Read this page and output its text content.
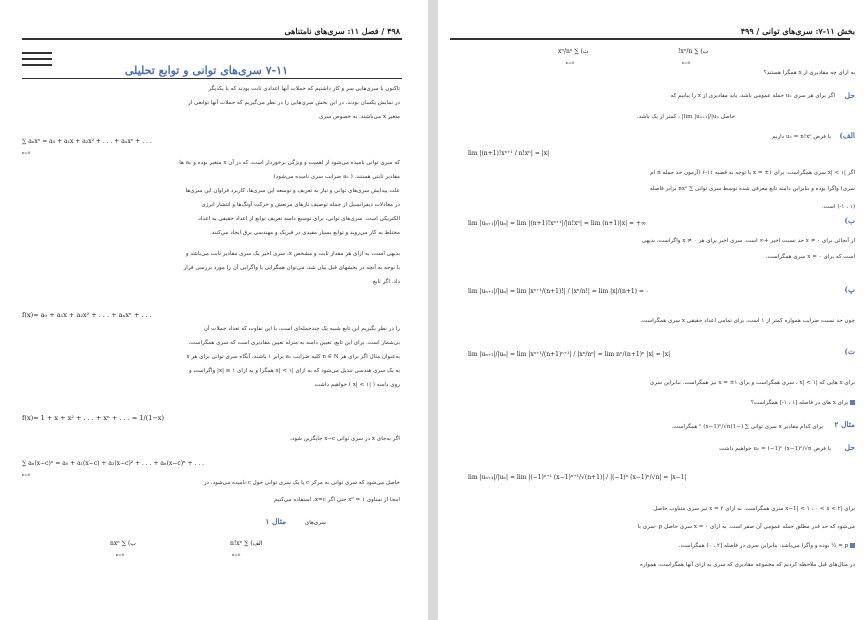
۴۹۸ / فصل ۱۱: سری‌های نامتناهی
۷-۱۱ سری‌های توانی و توابع تحلیلی
تاکنون با سری‌هایی سر و کار داشتیم که جملات آنها اعدادی ثابت بودند که با یکدیگر
در نمایش یکسان بودند. در این بخش سری‌هایی را در نظر می‌گیریم که جملات آنها توابعی از
متغیر x می‌باشند. به خصوص سری
∑ aₙxⁿ = a₀ + a₁x + a₂x² + . . . + aₙxⁿ + . . .
n=0
که سری توانی نامیده می‌شود از اهمیت و ویژگی برخوردار است، که در آن x متغیر بوده و aₙ ها
مقادیر ثابتی هستند. ( aₙ ضرایب سری نامیده می‌شود)
علت پیدایش سری‌های توانی و نیاز به تعریف و توسعه این سری‌ها، کاربرد فراوان این سری‌ها
در معادلات دیفرانسیل از جمله توصیف تارهای مرتعش و حرکت آونگ‌ها و انتشار انرژی
الکتریکی است. سری‌های توانی، برای توسیع دامنه تعریف توابع از اعداد حقیقی به اعداد
مختلط به کار می‌روند و توابع بسیار مفیدی در فیزیک و مهندسی برق ایجاد می‌کنند.
بدیهی است، به ازای هر مقدار ثابت و مشخص x، سری اخیر یک سری مقادیر ثابت می‌باشد و
با توجه به آنچه در بخشهای قبل بیان شد، می‌توان همگرایی یا واگرایی آن را مورد بررسی قرار
داد. اگر تابع
f(x)= a₀ + a₁x + a₂x² + . . . + aₙxⁿ + . . .
را در نظر بگیریم این تابع شبیه یک چندجمله‌ای است، با این تفاوت که تعداد جملات آن
بی‌شمار است. برای این تابع، تعیین دامنه به منزله تعیین مقادیری است که سری همگراست.
به‌عنوان مثال اگر برای هر n ∈ N کلیه ضرایب aₙ برابر ۱ باشند، آنگاه سری توانی برای هر x
به یک سری هندسی تبدیل می‌شود که به ازای |x| < ۱ همگرا و به ازای ۱ ≤ |x| واگراست و
روی دامنه ( |x| < ۱ ) خواهیم داشت
f(x)= 1 + x + x² + . . . + xⁿ + . . . = 1/(1−x)
اگر به‌جای x در سری توانی x−c جایگزین شود،
∑ aₙ(x−c)ⁿ = a₀ + a₁(x−c) + a₂(x−c)² + . . . + aₙ(x−c)ⁿ + . . .
n=0
حاصل می‌شود که سری توانی به مرکز c یا یک سری توانی حول c نامیده می‌شود. در
اینجا از تساوی ۱ = x⁰ حتی اگر x=c، استفاده می‌کنیم
مثال ۱	سری‌های
الف) ∑ n!xⁿ
ب) ∑ nxⁿ
n=0
n=0
بخش ۱۱-۷: سری‌های توانی / ۴۹۹
ب) ∑ xⁿ/n!
ت) ∑ xⁿ/nⁿ
n=0
n=0
به ازای چه مقادیری از x همگرا هستند؟
حل
اگر برای هر سری uₙ جمله عمومی باشد، باید مقادیری از x را بیابیم که
حاصل lim |uₙ₊₁|/|uₙ| ، کمتر از یک باشد.
الف)
با فرض uₙ = n!xⁿ داریم
lim |(n+1)!xⁿ⁺¹ / n!xⁿ| = |x|
اگر |x| < ۱ سری همگراست. برای x = ±۱ با توجه به قضیه ۱۱-۶ (آزمون حد جمله n ام
سری) واگرا بوده و بنابراین دامنه تابع معرفی شده توسط سری توانی ∑ nxⁿ برابر فاصله
(۱ ، ۱-) است.
ب)
lim |uₙ₊₁|/|uₙ| = lim |(n+1)!xⁿ⁺¹|/|n!xⁿ| = lim (n+1)|x| = +∞
از آنجائی برای x ≠ ۰ حد نسبت اخیر +∞ است. سری اخیر برای هر x ≠ ۰ واگراست، بدیهی
است که برای x = ۰ سری همگراست.
پ)
lim |uₙ₊₁|/|uₙ| = lim |xⁿ⁺¹/(n+1)!| / |xⁿ/n!| = lim |x|/(n+1) = ۰
چون حد نسبت ضرایب همواره کمتر از ۱ است، برای تمامی اعداد حقیقی x سری همگراست.
ت)
lim |uₙ₊₁|/|uₙ| = lim |xⁿ⁺¹/(n+1)ⁿ⁺¹| / |xⁿ/nⁿ| = lim nⁿ/(n+1)ⁿ |x| = |x|
برای x هایی که |x| < ۱ ، سری همگراست و برای x = ±۱ نیز همگراست. بنابراین سری
برای x های در فاصله [۱ ، ۱-] همگراست؟
مثال ۲
برای کدام مقادیر x سری توانی ∑ (−1)ⁿ (x−1)ⁿ/√n همگراست.
حل
با فرض uₙ = (−1)ⁿ (x−1)ⁿ/√n خواهیم داشت
lim |uₙ₊₁|/|uₙ| = lim |(−1)ⁿ⁺¹ (x−1)ⁿ⁺¹/√(n+1)| / |(−1)ⁿ (x−1)ⁿ/√n| = |x−1|
برای |x−1| < ۱ ، ۰ < x < ۲ سری همگراست. به ازای x = ۲ نیز سری متناوب حاصل
می‌شود که حد قدر مطلق جمله عمومی آن صفر است. به ازای x = ۰ سری حاصل p -سری با
p = ½ بوده و واگرا می‌باشد. بنابراین سری در فاصله [۲ ، ۰) همگراست.
در مثال‌های قبل ملاحظه کردیم که مجموعه مقادیری که سری به ازای آنها همگراست، همواره
